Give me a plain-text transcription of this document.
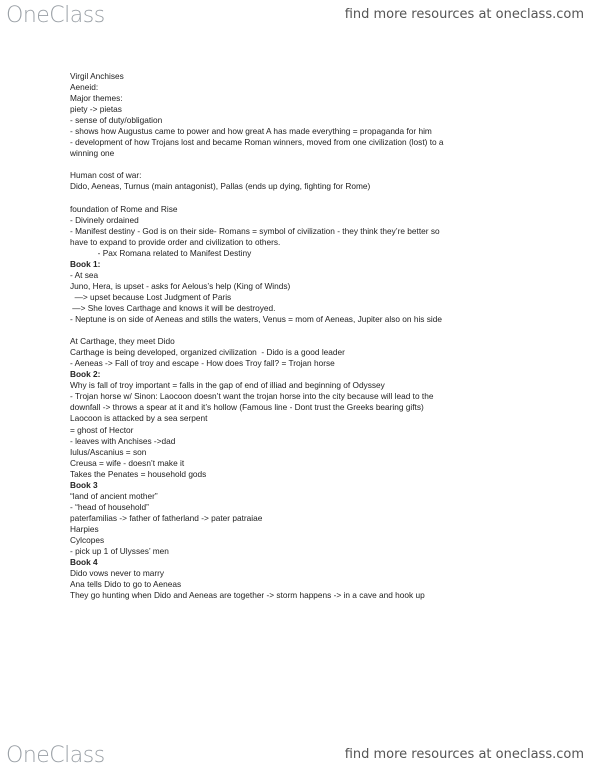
OneClass	find more resources at oneclass.com
Virgil Anchises
Aeneid:
Major themes:
piety -> pietas
- sense of duty/obligation
- shows how Augustus came to power and how great A has made everything = propaganda for him
- development of how Trojans lost and became Roman winners, moved from one civilization (lost) to a
winning one

Human cost of war:
Dido, Aeneas, Turnus (main antagonist), Pallas (ends up dying, fighting for Rome)

foundation of Rome and Rise
- Divinely ordained
- Manifest destiny - God is on their side- Romans = symbol of civilization - they think they’re better so
have to expand to provide order and civilization to others.
- Pax Romana related to Manifest Destiny
Book 1:
- At sea
Juno, Hera, is upset - asks for Aelous’s help (King of Winds)
—> upset because Lost Judgment of Paris
—> She loves Carthage and knows it will be destroyed.
- Neptune is on side of Aeneas and stills the waters, Venus = mom of Aeneas, Jupiter also on his side

At Carthage, they meet Dido
Carthage is being developed, organized civilization  - Dido is a good leader
- Aeneas -> Fall of troy and escape - How does Troy fall? = Trojan horse
Book 2:
Why is fall of troy important = falls in the gap of end of illiad and beginning of Odyssey
- Trojan horse w/ Sinon: Laocoon doesn’t want the trojan horse into the city because will lead to the
downfall -> throws a spear at it and it’s hollow (Famous line - Dont trust the Greeks bearing gifts)
Laocoon is attacked by a sea serpent
= ghost of Hector
- leaves with Anchises ->dad
Iulus/Ascanius = son
Creusa = wife - doesn’t make it
Takes the Penates = household gods
Book 3
“land of ancient mother”
- “head of household”
paterfamilias -> father of fatherland -> pater patraiae
Harpies
Cylcopes
- pick up 1 of Ulysses’ men
Book 4
Dido vows never to marry
Ana tells Dido to go to Aeneas
They go hunting when Dido and Aeneas are together -> storm happens -> in a cave and hook up
OneClass	find more resources at oneclass.com
